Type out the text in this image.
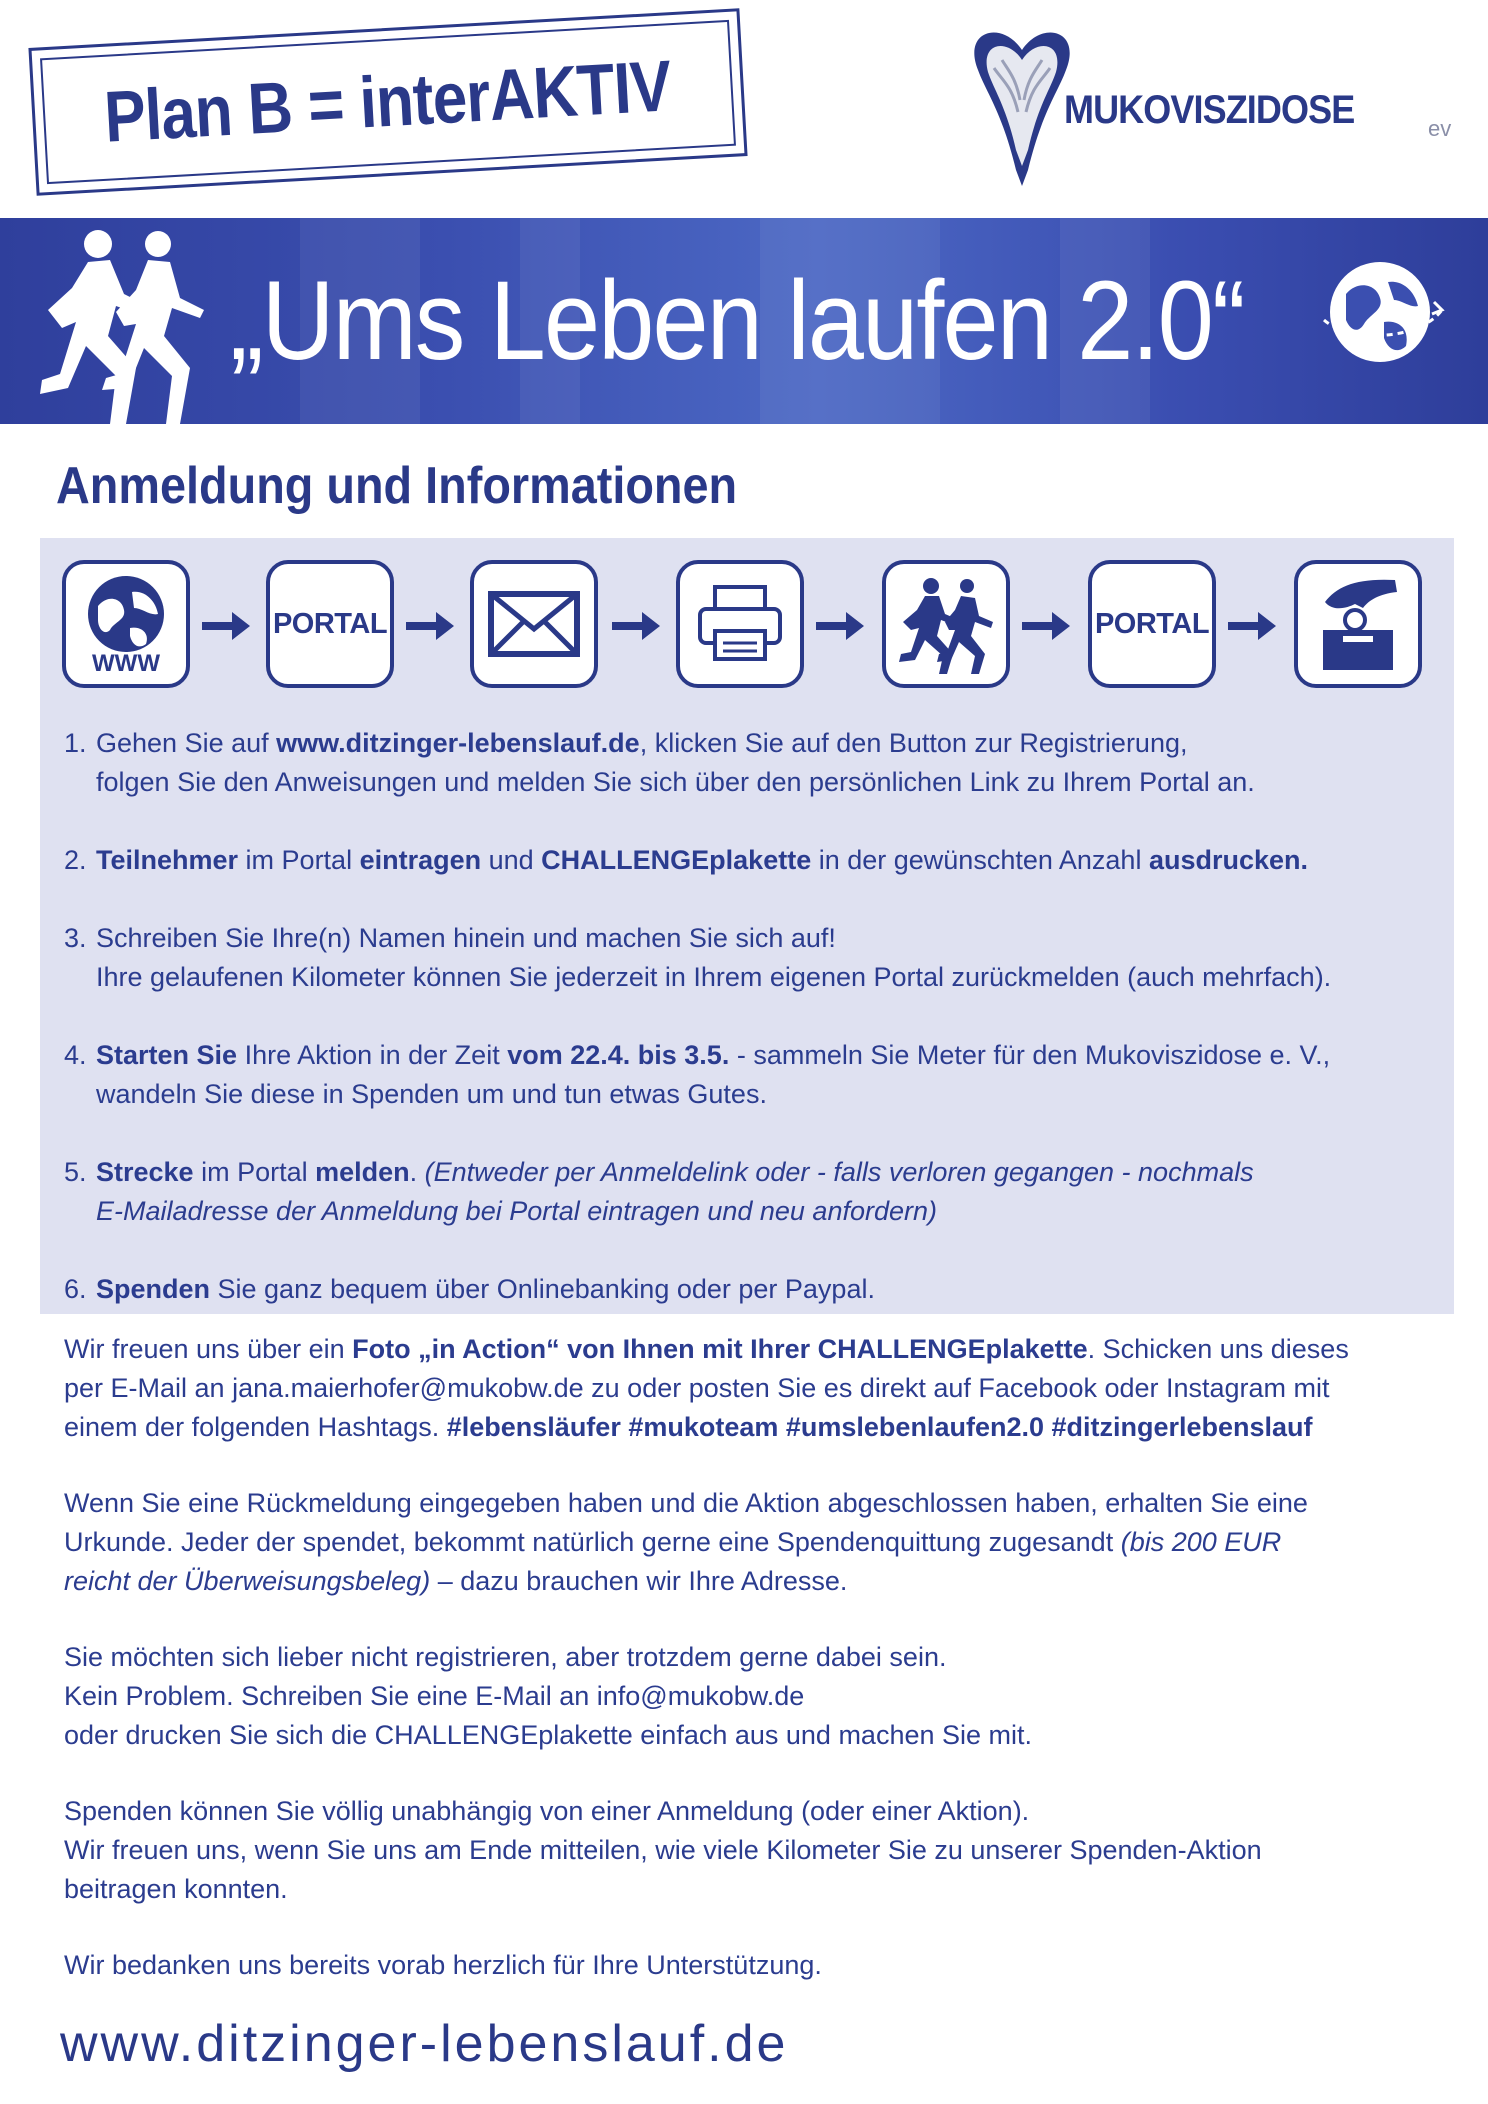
Plan B = interAKTIV	MUKOVISZIDOSE	ev
„Ums Leben laufen 2.0“
Anmeldung und Informationen
WWW
PORTAL	PORTAL
1. Gehen Sie auf www.ditzinger-lebenslauf.de, klicken Sie auf den Button zur Registrierung,
folgen Sie den Anweisungen und melden Sie sich über den persönlichen Link zu Ihrem Portal an.
2. Teilnehmer im Portal eintragen und CHALLENGEplakette in der gewünschten Anzahl ausdrucken.
3. Schreiben Sie Ihre(n) Namen hinein und machen Sie sich auf!
Ihre gelaufenen Kilometer können Sie jederzeit in Ihrem eigenen Portal zurückmelden (auch mehrfach).
4. Starten Sie Ihre Aktion in der Zeit vom 22.4. bis 3.5. - sammeln Sie Meter für den Mukoviszidose e. V.,
wandeln Sie diese in Spenden um und tun etwas Gutes.
5. Strecke im Portal melden. (Entweder per Anmeldelink oder - falls verloren gegangen - nochmals
E-Mailadresse der Anmeldung bei Portal eintragen und neu anfordern)
6. Spenden Sie ganz bequem über Onlinebanking oder per Paypal.
Wir freuen uns über ein Foto „in Action“ von Ihnen mit Ihrer CHALLENGEplakette. Schicken uns dieses
per E-Mail an jana.maierhofer@mukobw.de zu oder posten Sie es direkt auf Facebook oder Instagram mit
einem der folgenden Hashtags. #lebensläufer #mukoteam #umslebenlaufen2.0 #ditzingerlebenslauf
Wenn Sie eine Rückmeldung eingegeben haben und die Aktion abgeschlossen haben, erhalten Sie eine
Urkunde. Jeder der spendet, bekommt natürlich gerne eine Spendenquittung zugesandt (bis 200 EUR
reicht der Überweisungsbeleg) – dazu brauchen wir Ihre Adresse.
Sie möchten sich lieber nicht registrieren, aber trotzdem gerne dabei sein.
Kein Problem. Schreiben Sie eine E-Mail an info@mukobw.de
oder drucken Sie sich die CHALLENGEplakette einfach aus und machen Sie mit.
Spenden können Sie völlig unabhängig von einer Anmeldung (oder einer Aktion).
Wir freuen uns, wenn Sie uns am Ende mitteilen, wie viele Kilometer Sie zu unserer Spenden-Aktion
beitragen konnten.
Wir bedanken uns bereits vorab herzlich für Ihre Unterstützung.
www.ditzinger-lebenslauf.de
